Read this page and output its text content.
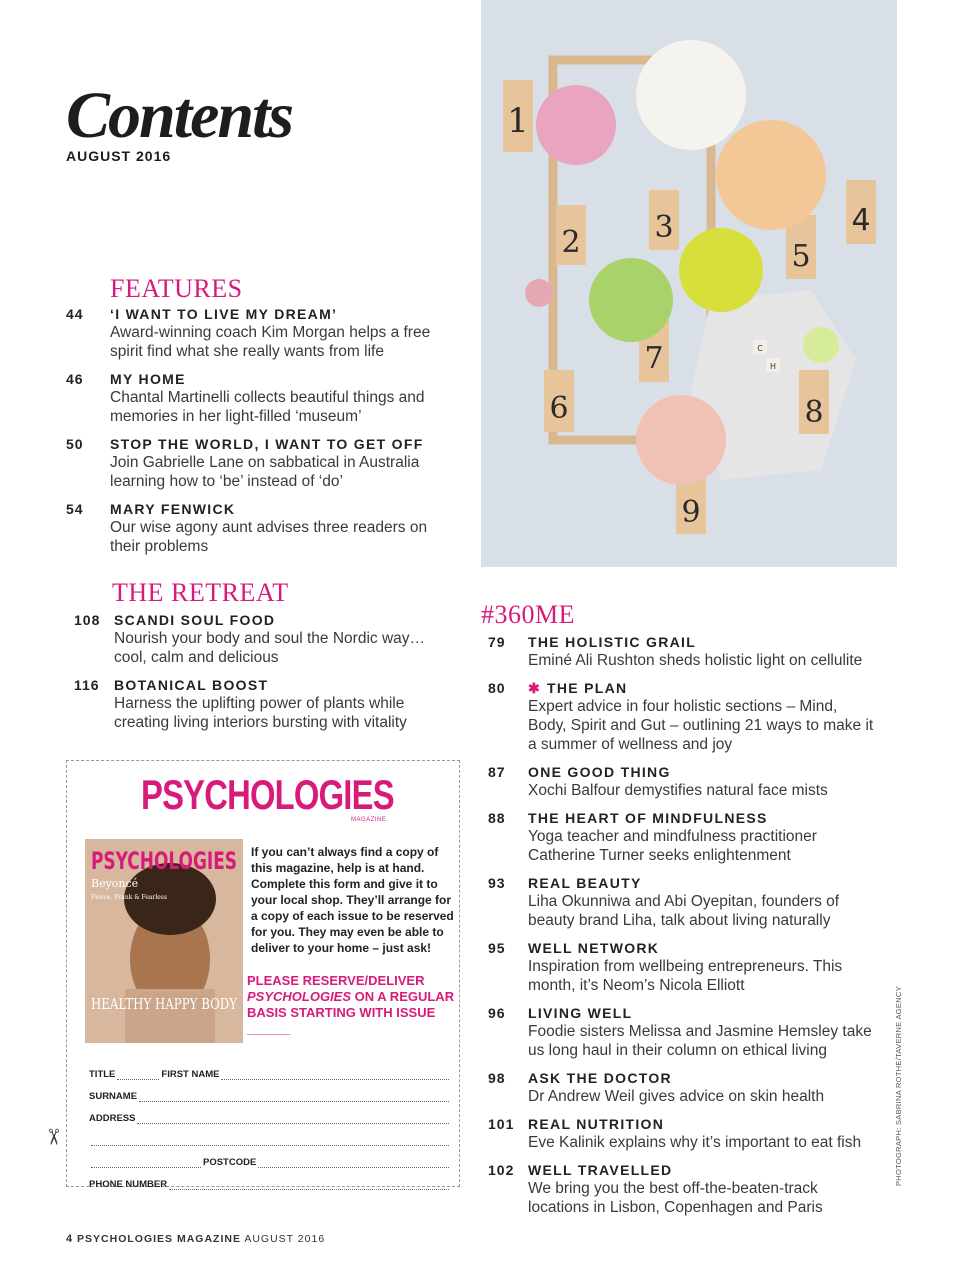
Contents
AUGUST 2016
FEATURES
44	‘I WANT TO LIVE MY DREAM’
Award-winning coach Kim Morgan helps a free spirit find what she really wants from life
46	MY HOME
Chantal Martinelli collects beautiful things and memories in her light-filled ‘museum’
50	STOP THE WORLD, I WANT TO GET OFF
Join Gabrielle Lane on sabbatical in Australia learning how to ‘be’ instead of ‘do’
54	MARY FENWICK
Our wise agony aunt advises three readers on their problems
THE RETREAT
108 SCANDI SOUL FOOD
Nourish your body and soul the Nordic way… cool, calm and delicious
116	BOTANICAL BOOST
Harness the uplifting power of plants while creating living interiors bursting with vitality
1
2 3	4
5
6
7
8
9
C
H
#360ME
79	THE HOLISTIC GRAIL
Eminé Ali Rushton sheds holistic light on cellulite
80	✱ THE PLAN
Expert advice in four holistic sections – Mind, Body, Spirit and Gut – outlining 21 ways to make it a summer of wellness and joy
87	ONE GOOD THING
Xochi Balfour demystifies natural face mists
88	THE HEART OF MINDFULNESS
Yoga teacher and mindfulness practitioner Catherine Turner seeks enlightenment
93	REAL BEAUTY
Liha Okunniwa and Abi Oyepitan, founders of beauty brand Liha, talk about living naturally
95	WELL NETWORK
Inspiration from wellbeing entrepreneurs. This month, it’s Neom’s Nicola Elliott
96	LIVING WELL
Foodie sisters Melissa and Jasmine Hemsley take us long haul in their column on ethical living
98	ASK THE DOCTOR
Dr Andrew Weil gives advice on skin health
101 REAL NUTRITION
Eve Kalinik explains why it’s important to eat fish
102 WELL TRAVELLED
We bring you the best off-the-beaten-track locations in Lisbon, Copenhagen and Paris
PSYCHOLOGIES
MAGAZINE
PSYCHOLOGIES
Beyoncé
Fierce, Frank & Fearless
HEALTHY HAPPY BODY
If you can’t always find a copy of this magazine, help is at hand. Complete this form and give it to your local shop. They’ll arrange for a copy of each issue to be reserved for you. They may even be able to deliver to your home – just ask!
PLEASE RESERVE/DELIVER
PSYCHOLOGIES ON A REGULAR BASIS STARTING WITH ISSUE ______
TITLE	FIRST NAME
SURNAME
ADDRESS
POSTCODE
PHONE NUMBER
✂	PHOTOGRAPH: SABRINA ROTHE/TAVERNE AGENCY
4 PSYCHOLOGIES MAGAZINE AUGUST 2016
